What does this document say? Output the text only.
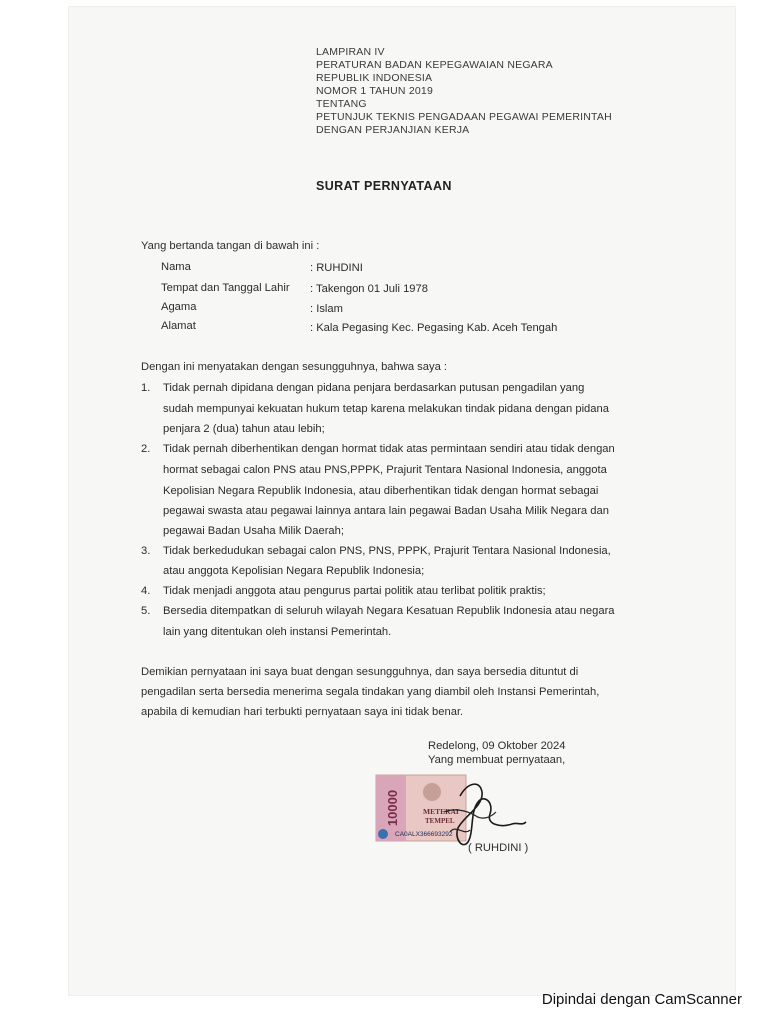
LAMPIRAN IV
PERATURAN BADAN KEPEGAWAIAN NEGARA
REPUBLIK INDONESIA
NOMOR 1 TAHUN 2019
TENTANG
PETUNJUK TEKNIS PENGADAAN PEGAWAI PEMERINTAH
DENGAN PERJANJIAN KERJA
SURAT PERNYATAAN
Yang bertanda tangan di bawah ini :
Nama	: RUHDINI
Tempat dan Tanggal Lahir : Takengon 01 Juli 1978
Agama	: Islam
Alamat	: Kala Pegasing Kec. Pegasing Kab. Aceh Tengah
Dengan ini menyatakan dengan sesungguhnya, bahwa saya :
1. Tidak pernah dipidana dengan pidana penjara berdasarkan putusan pengadilan yang
sudah mempunyai kekuatan hukum tetap karena melakukan tindak pidana dengan pidana
penjara 2 (dua) tahun atau lebih;
2. Tidak pernah diberhentikan dengan hormat tidak atas permintaan sendiri atau tidak dengan
hormat sebagai calon PNS atau PNS,PPPK, Prajurit Tentara Nasional Indonesia, anggota
Kepolisian Negara Republik Indonesia, atau diberhentikan tidak dengan hormat sebagai
pegawai swasta atau pegawai lainnya antara lain pegawai Badan Usaha Milik Negara dan
pegawai Badan Usaha Milik Daerah;
3. Tidak berkedudukan sebagai calon PNS, PNS, PPPK, Prajurit Tentara Nasional Indonesia,
atau anggota Kepolisian Negara Republik Indonesia;
4. Tidak menjadi anggota atau pengurus partai politik atau terlibat politik praktis;
5. Bersedia ditempatkan di seluruh wilayah Negara Kesatuan Republik Indonesia atau negara
lain yang ditentukan oleh instansi Pemerintah.
Demikian pernyataan ini saya buat dengan sesungguhnya, dan saya bersedia dituntut di
pengadilan serta bersedia menerima segala tindakan yang diambil oleh Instansi Pemerintah,
apabila di kemudian hari terbukti pernyataan saya ini tidak benar.
Redelong, 09 Oktober 2024
Yang membuat pernyataan,
10000	METERAI
TEMPEL
CA0ALX366693292
( RUHDINI )
Dipindai dengan CamScanner
